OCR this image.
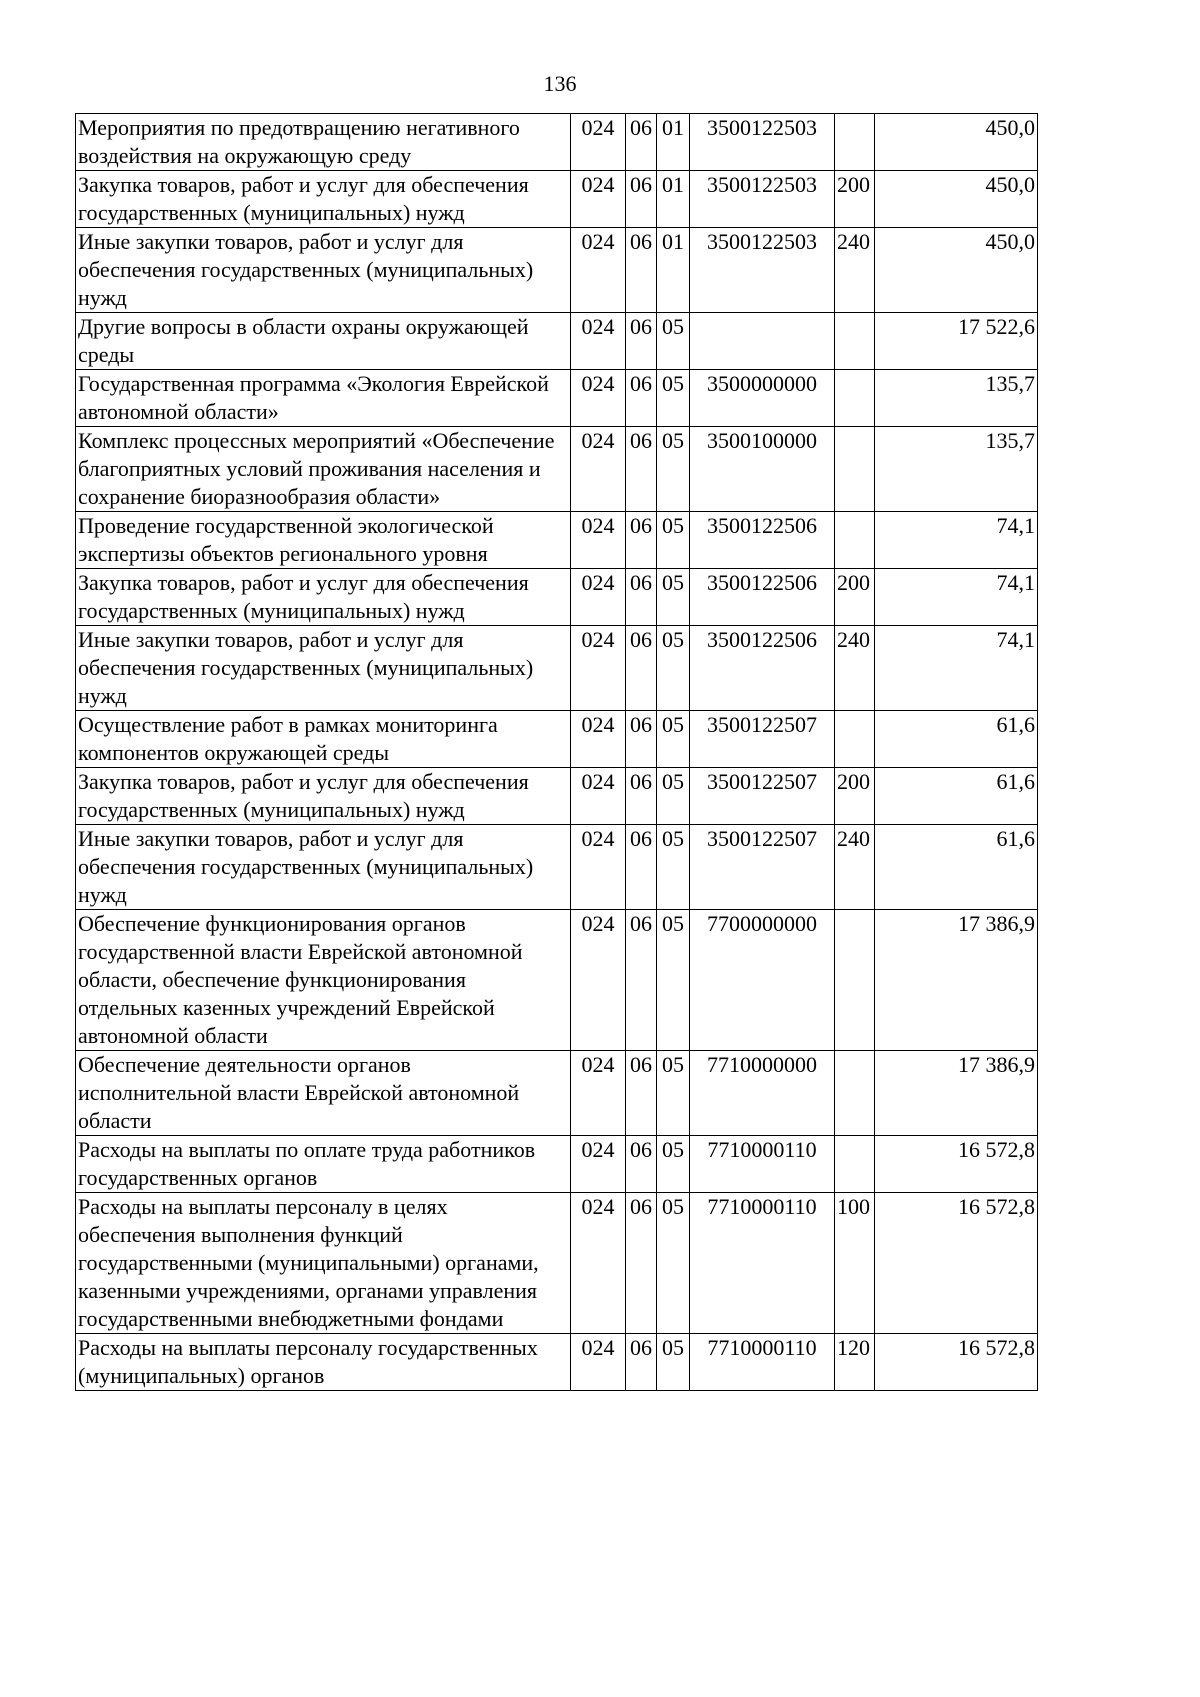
136
Мероприятия по предотвращению негативного воздействия на окружающую среду	024	06	01	3500122503		450,0
Закупка товаров, работ и услуг для обеспечения государственных (муниципальных) нужд	024	06	01	3500122503	200	450,0
Иные закупки товаров, работ и услуг для обеспечения государственных (муниципальных) нужд	024	06	01	3500122503	240	450,0
Другие вопросы в области охраны окружающей среды	024	06	05			17 522,6
Государственная программа «Экология Еврейской автономной области»	024	06	05	3500000000		135,7
Комплекс процессных мероприятий «Обеспечение благоприятных условий проживания населения и сохранение биоразнообразия области»	024	06	05	3500100000		135,7
Проведение государственной экологической экспертизы объектов регионального уровня	024	06	05	3500122506		74,1
Закупка товаров, работ и услуг для обеспечения государственных (муниципальных) нужд	024	06	05	3500122506	200	74,1
Иные закупки товаров, работ и услуг для обеспечения государственных (муниципальных) нужд	024	06	05	3500122506	240	74,1
Осуществление работ в рамках мониторинга компонентов окружающей среды	024	06	05	3500122507		61,6
Закупка товаров, работ и услуг для обеспечения государственных (муниципальных) нужд	024	06	05	3500122507	200	61,6
Иные закупки товаров, работ и услуг для обеспечения государственных (муниципальных) нужд	024	06	05	3500122507	240	61,6
Обеспечение функционирования органов государственной власти Еврейской автономной области, обеспечение функционирования отдельных казенных учреждений Еврейской автономной области	024	06	05	7700000000		17 386,9
Обеспечение деятельности органов исполнительной власти Еврейской автономной области	024	06	05	7710000000		17 386,9
Расходы на выплаты по оплате труда работников государственных органов	024	06	05	7710000110		16 572,8
Расходы на выплаты персоналу в целях обеспечения выполнения функций государственными (муниципальными) органами, казенными учреждениями, органами управления государственными внебюджетными фондами	024	06	05	7710000110	100	16 572,8
Расходы на выплаты персоналу государственных (муниципальных) органов	024	06	05	7710000110	120	16 572,8
